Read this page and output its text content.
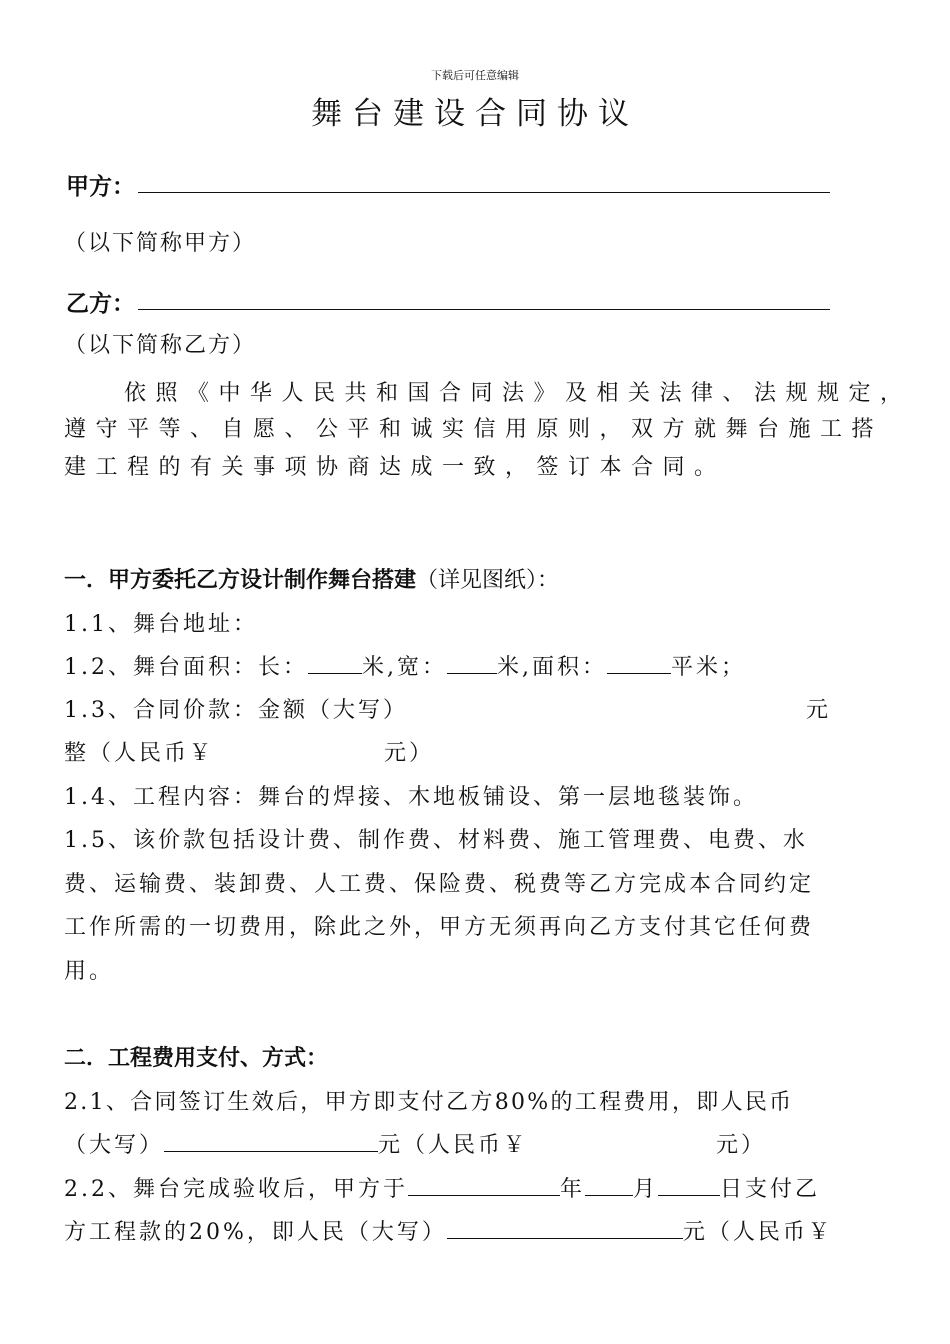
下载后可任意编辑
舞台建设合同协议
甲方：
（以下简称甲方）
乙方：
（以下简称乙方）
依照《中华人民共和国合同法》及相关法律、法规规定，
遵守平等、自愿、公平和诚实信用原则，双方就舞台施工搭
建工程的有关事项协商达成一致，签订本合同。
一．甲方委托乙方设计制作舞台搭建（详见图纸）：
1.1、舞台地址：
1.2、舞台面积：长： 米,宽： 米,面积：	平米；
1.3、合同价款：金额（大写）	元
整（人民币￥	元）
1.4、工程内容：舞台的焊接、木地板铺设、第一层地毯装饰。
1.5、该价款包括设计费、制作费、材料费、施工管理费、电费、水
费、运输费、装卸费、人工费、保险费、税费等乙方完成本合同约定
工作所需的一切费用，除此之外，甲方无须再向乙方支付其它任何费
用。
二．工程费用支付、方式：
2.1、合同签订生效后，甲方即支付乙方80%的工程费用，即人民币
（大写）	元（人民币￥	元）
2.2、舞台完成验收后，甲方于	年 月	日支付乙
方工程款的20%，即人民（大写）	元（人民币￥
